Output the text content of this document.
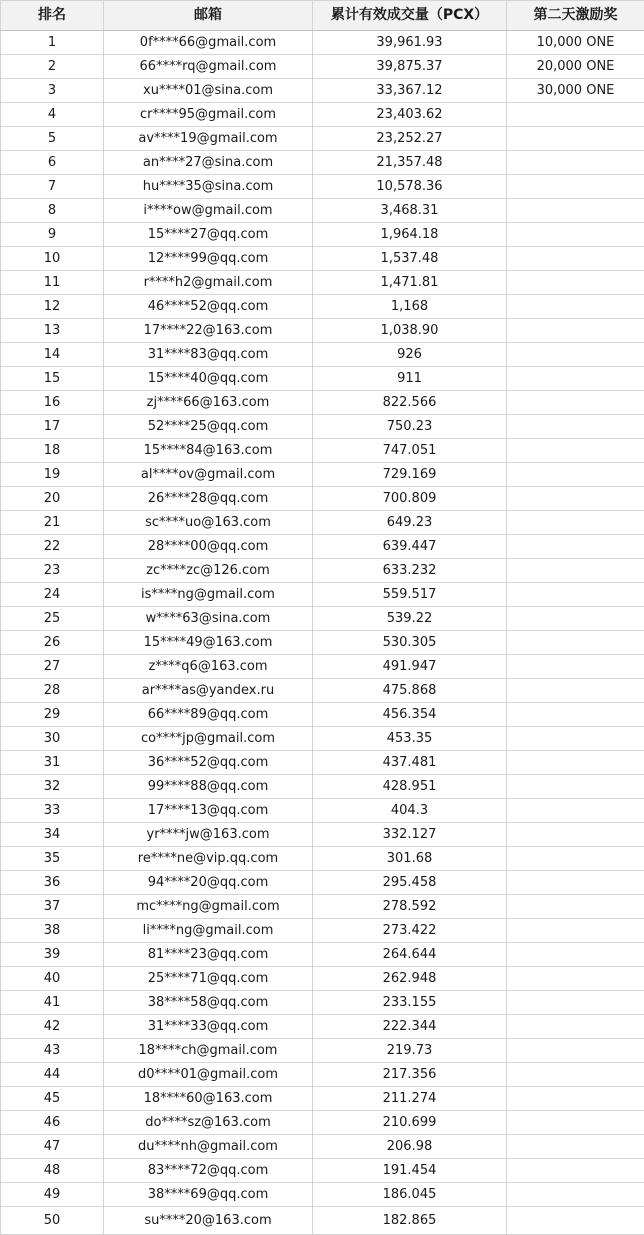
排名	邮箱	累计有效成交量（PCX）	第二天激励奖
1	0f****66@gmail.com	39,961.93	10,000 ONE
2	66****rq@gmail.com	39,875.37	20,000 ONE
3	xu****01@sina.com	33,367.12	30,000 ONE
4	cr****95@gmail.com	23,403.62	
5	av****19@gmail.com	23,252.27	
6	an****27@sina.com	21,357.48	
7	hu****35@sina.com	10,578.36	
8	i****ow@gmail.com	3,468.31	
9	15****27@qq.com	1,964.18	
10	12****99@qq.com	1,537.48	
11	r****h2@gmail.com	1,471.81	
12	46****52@qq.com	1,168	
13	17****22@163.com	1,038.90	
14	31****83@qq.com	926	
15	15****40@qq.com	911	
16	zj****66@163.com	822.566	
17	52****25@qq.com	750.23	
18	15****84@163.com	747.051	
19	al****ov@gmail.com	729.169	
20	26****28@qq.com	700.809	
21	sc****uo@163.com	649.23	
22	28****00@qq.com	639.447	
23	zc****zc@126.com	633.232	
24	is****ng@gmail.com	559.517	
25	w****63@sina.com	539.22	
26	15****49@163.com	530.305	
27	z****q6@163.com	491.947	
28	ar****as@yandex.ru	475.868	
29	66****89@qq.com	456.354	
30	co****jp@gmail.com	453.35	
31	36****52@qq.com	437.481	
32	99****88@qq.com	428.951	
33	17****13@qq.com	404.3	
34	yr****jw@163.com	332.127	
35	re****ne@vip.qq.com	301.68	
36	94****20@qq.com	295.458	
37	mc****ng@gmail.com	278.592	
38	li****ng@gmail.com	273.422	
39	81****23@qq.com	264.644	
40	25****71@qq.com	262.948	
41	38****58@qq.com	233.155	
42	31****33@qq.com	222.344	
43	18****ch@gmail.com	219.73	
44	d0****01@gmail.com	217.356	
45	18****60@163.com	211.274	
46	do****sz@163.com	210.699	
47	du****nh@gmail.com	206.98	
48	83****72@qq.com	191.454	
49	38****69@qq.com	186.045	
50	su****20@163.com	182.865	
